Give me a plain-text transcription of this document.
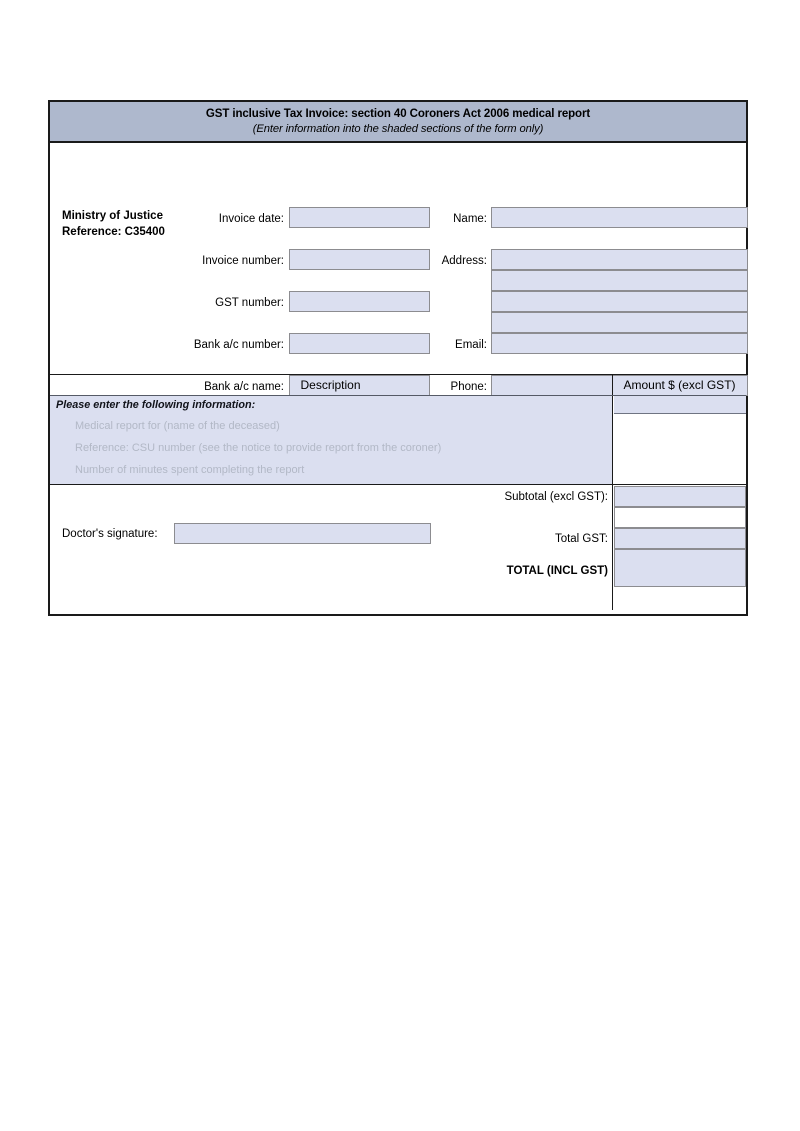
GST inclusive Tax Invoice: section 40 Coroners Act 2006 medical report
(Enter information into the shaded sections of the form only)
Ministry of Justice
Reference: C35400
Invoice date:
Invoice number:
GST number:
Bank a/c number:
Bank a/c name:
Name:
Address:
Email:
Phone:
Description	Amount $ (excl GST)
Please enter the following information:
Medical report for (name of the deceased)
Reference: CSU number (see the notice to provide report from the coroner)
Number of minutes spent completing the report
Subtotal (excl GST):
Total GST:
TOTAL (INCL GST)
Doctor's signature:
